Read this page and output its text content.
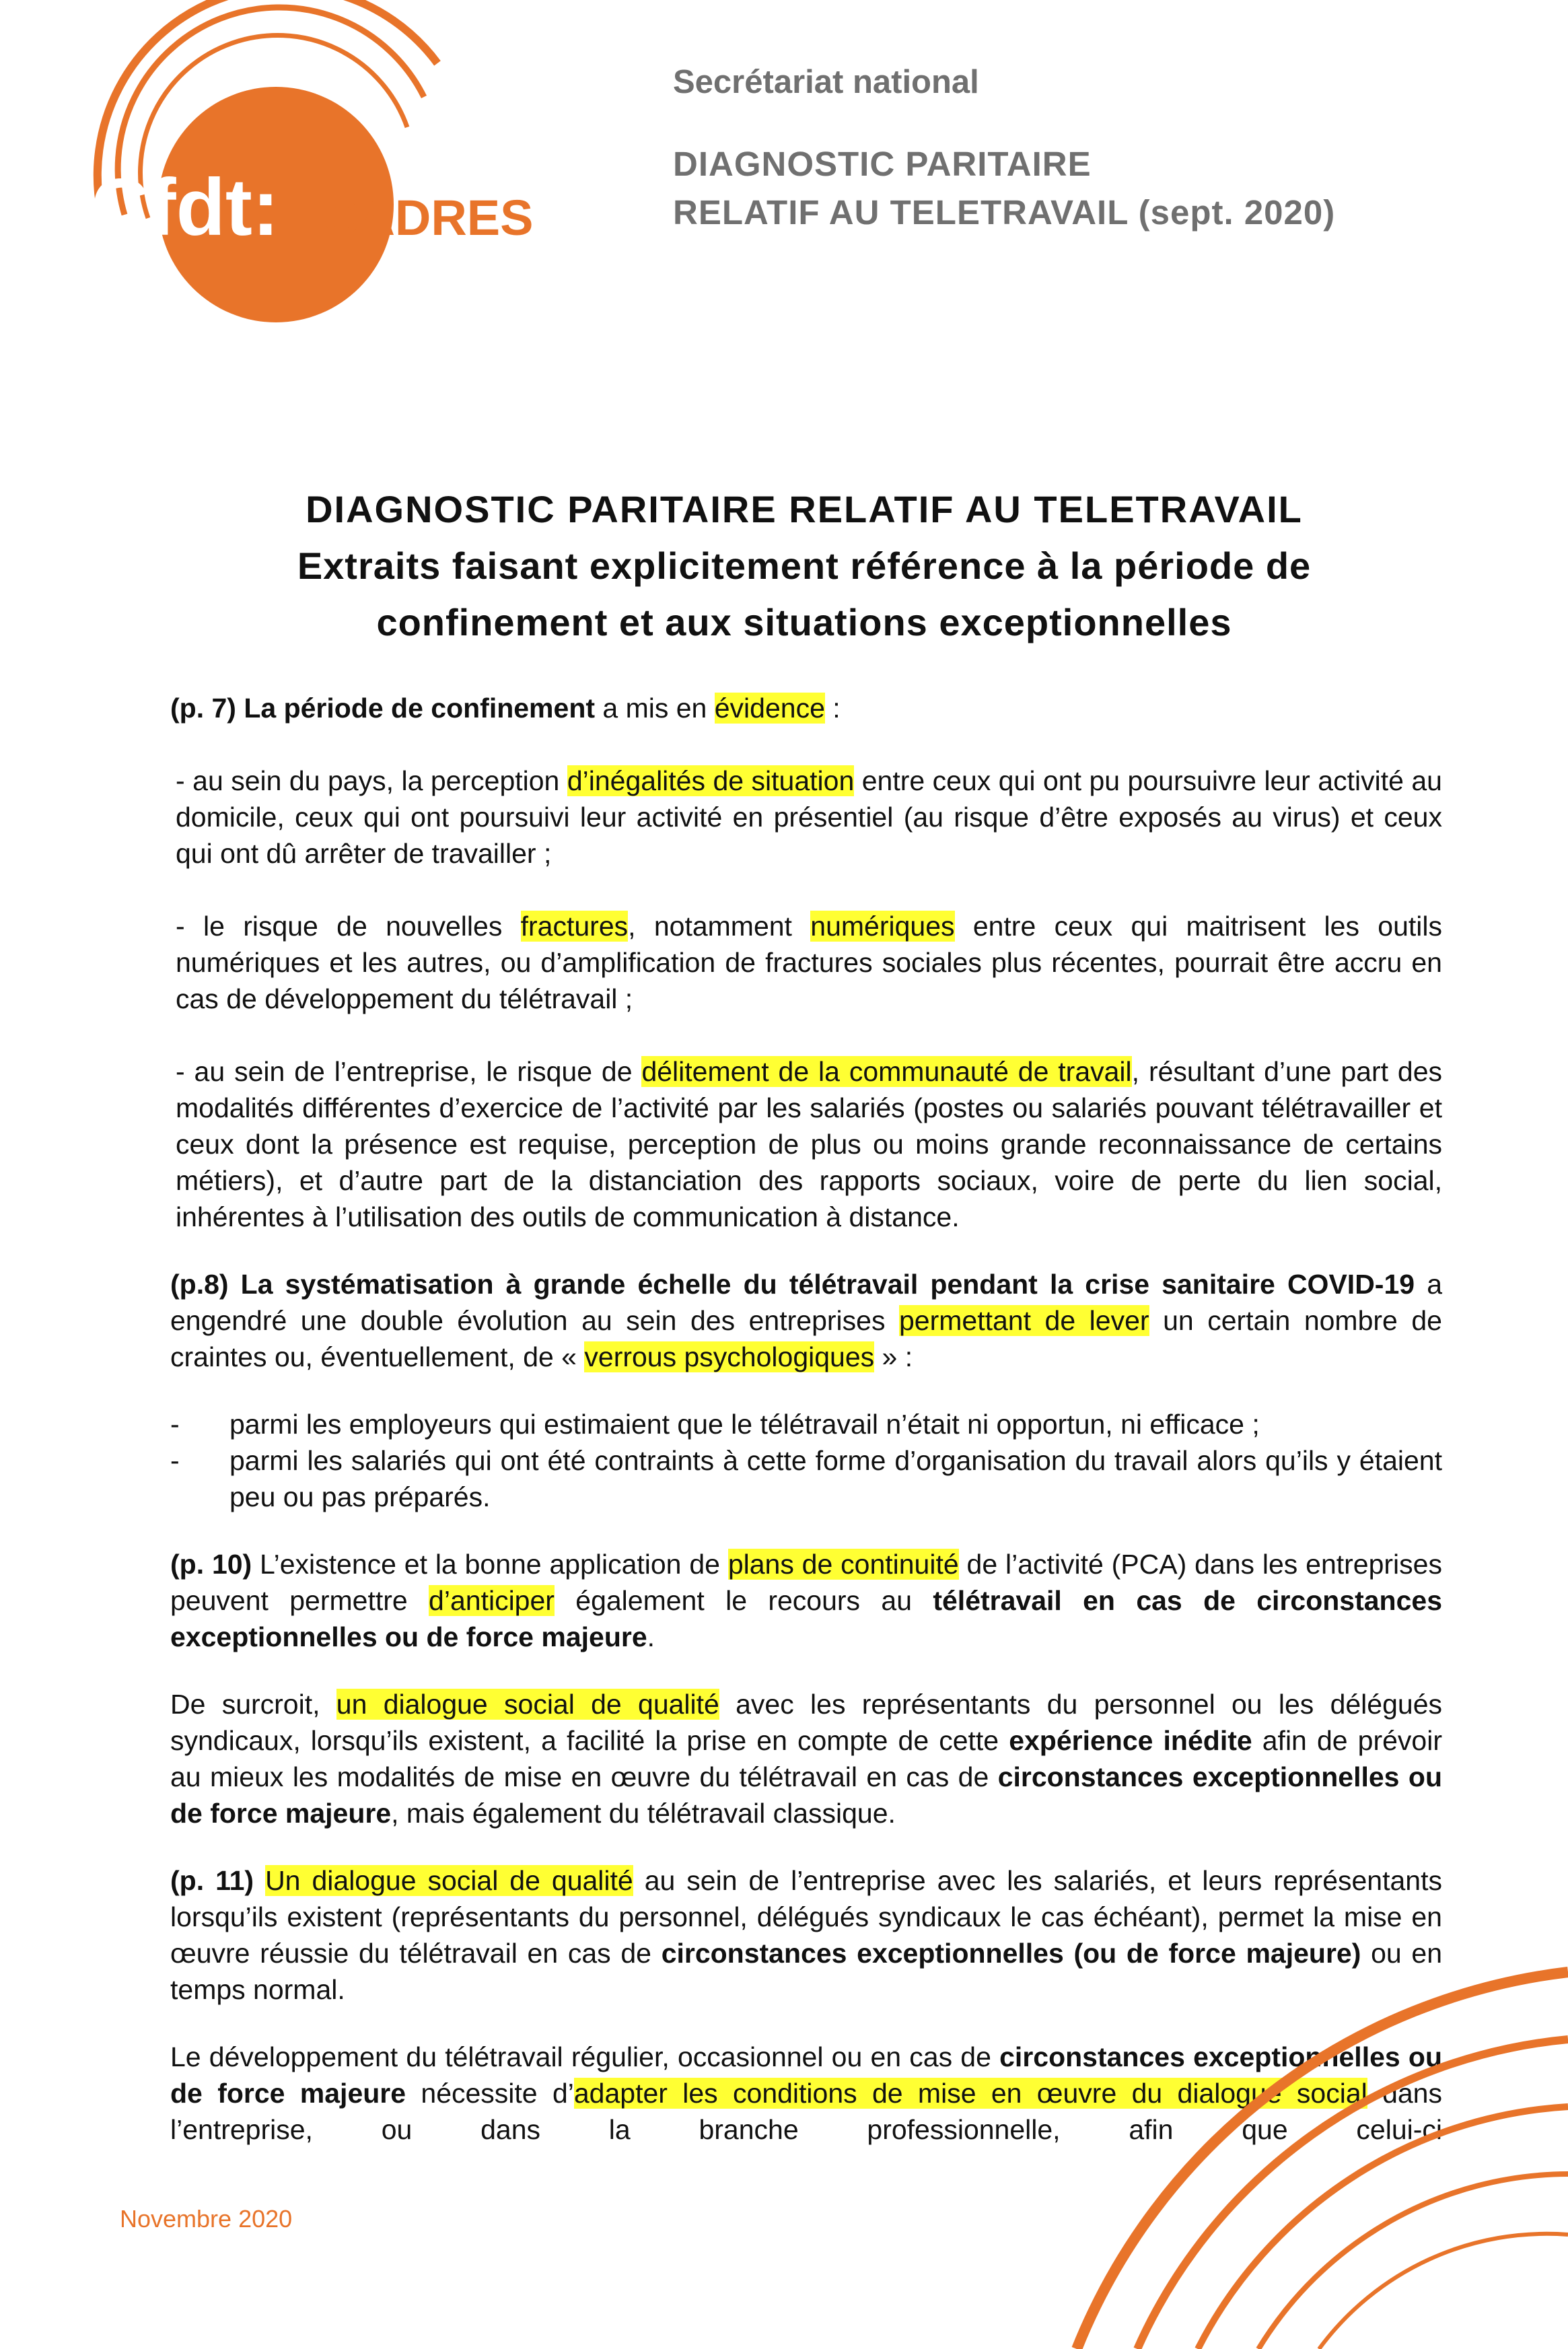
Cfdt: CADRES
Secrétariat national
DIAGNOSTIC PARITAIRE
RELATIF AU TELETRAVAIL (sept. 2020)
DIAGNOSTIC PARITAIRE RELATIF AU TELETRAVAIL
Extraits faisant explicitement référence à la période de
confinement et aux situations exceptionnelles

(p. 7) La période de confinement a mis en évidence :

- au sein du pays, la perception d’inégalités de situation entre ceux qui ont pu poursuivre leur activité au domicile, ceux qui ont poursuivi leur activité en présentiel (au risque d’être exposés au virus) et ceux qui ont dû arrêter de travailler ;

- le risque de nouvelles fractures, notamment numériques entre ceux qui maitrisent les outils numériques et les autres, ou d’amplification de fractures sociales plus récentes, pourrait être accru en cas de développement du télétravail ;

- au sein de l’entreprise, le risque de délitement de la communauté de travail, résultant d’une part des modalités différentes d’exercice de l’activité par les salariés (postes ou salariés pouvant télétravailler et ceux dont la présence est requise, perception de plus ou moins grande reconnaissance de certains métiers), et d’autre part de la distanciation des rapports sociaux, voire de perte du lien social, inhérentes à l’utilisation des outils de communication à distance.

(p.8) La systématisation à grande échelle du télétravail pendant la crise sanitaire COVID-19 a engendré une double évolution au sein des entreprises permettant de lever un certain nombre de craintes ou, éventuellement, de « verrous psychologiques » :

-	parmi les employeurs qui estimaient que le télétravail n’était ni opportun, ni efficace ;
-	parmi les salariés qui ont été contraints à cette forme d’organisation du travail alors qu’ils y étaient peu ou pas préparés.

(p. 10) L’existence et la bonne application de plans de continuité de l’activité (PCA) dans les entreprises peuvent permettre d’anticiper également le recours au télétravail en cas de circonstances exceptionnelles ou de force majeure.

De surcroit, un dialogue social de qualité avec les représentants du personnel ou les délégués syndicaux, lorsqu’ils existent, a facilité la prise en compte de cette expérience inédite afin de prévoir au mieux les modalités de mise en œuvre du télétravail en cas de circonstances exceptionnelles ou de force majeure, mais également du télétravail classique.

(p. 11) Un dialogue social de qualité au sein de l’entreprise avec les salariés, et leurs représentants lorsqu’ils existent (représentants du personnel, délégués syndicaux le cas échéant), permet la mise en œuvre réussie du télétravail en cas de circonstances exceptionnelles (ou de force majeure) ou en temps normal.

Le développement du télétravail régulier, occasionnel ou en cas de circonstances exceptionnelles ou de force majeure nécessite d’adapter les conditions de mise en œuvre du dialogue social dans l’entreprise, ou dans la branche professionnelle, afin que celui-ci

Novembre 2020
